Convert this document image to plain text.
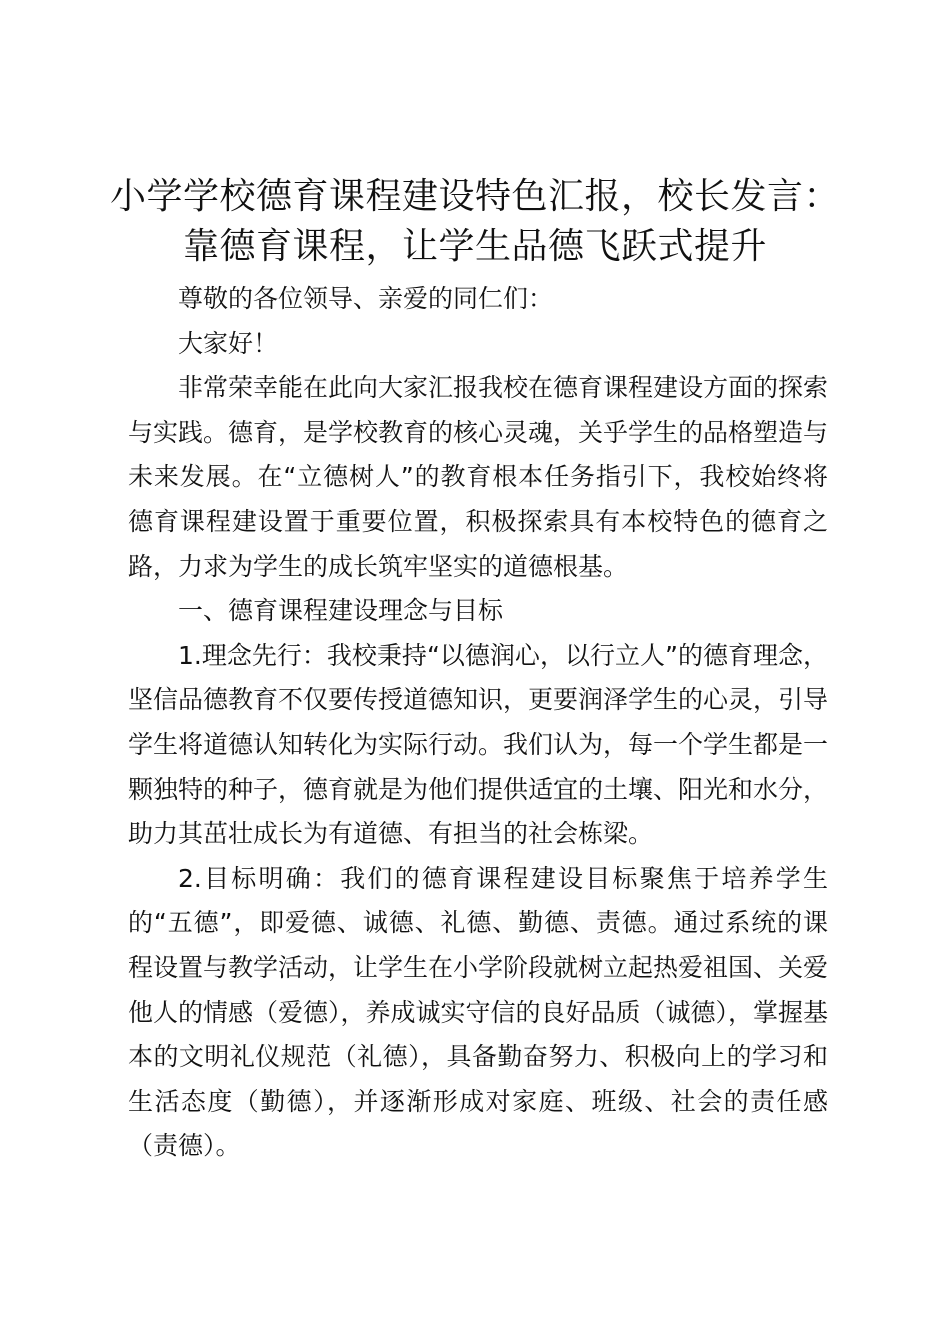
小学学校德育课程建设特色汇报，校长发言：
靠德育课程，让学生品德飞跃式提升

尊敬的各位领导、亲爱的同仁们：

大家好！

非常荣幸能在此向大家汇报我校在德育课程建设方面的探索与实践。德育，是学校教育的核心灵魂，关乎学生的品格塑造与未来发展。在“立德树人”的教育根本任务指引下，我校始终将德育课程建设置于重要位置，积极探索具有本校特色的德育之路，力求为学生的成长筑牢坚实的道德根基。

一、德育课程建设理念与目标

1.理念先行：我校秉持“以德润心，以行立人”的德育理念，坚信品德教育不仅要传授道德知识，更要润泽学生的心灵，引导学生将道德认知转化为实际行动。我们认为，每一个学生都是一颗独特的种子，德育就是为他们提供适宜的土壤、阳光和水分，助力其茁壮成长为有道德、有担当的社会栋梁。

2.目标明确：我们的德育课程建设目标聚焦于培养学生的“五德”，即爱德、诚德、礼德、勤德、责德。通过系统的课程设置与教学活动，让学生在小学阶段就树立起热爱祖国、关爱他人的情感（爱德），养成诚实守信的良好品质（诚德），掌握基本的文明礼仪规范（礼德），具备勤奋努力、积极向上的学习和生活态度（勤德），并逐渐形成对家庭、班级、社会的责任感（责德）。
